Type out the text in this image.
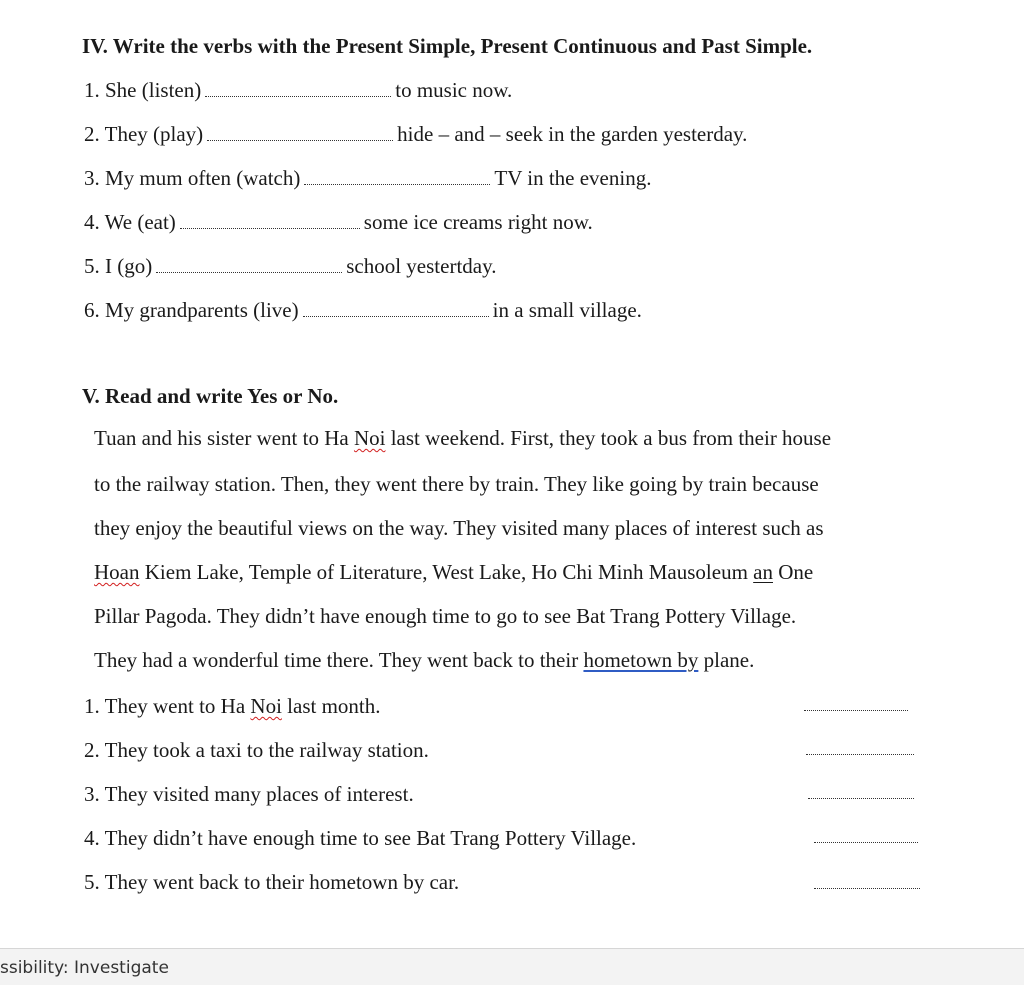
IV. Write the verbs with the Present Simple, Present Continuous and Past Simple.
1. She (listen)	to music now.
2. They (play)	hide – and – seek in the garden yesterday.
3. My mum often (watch)	TV in the evening.
4. We (eat)	some ice creams right now.
5. I (go)	school yestertday.
6. My grandparents (live)	in a small village.
V. Read and write Yes or No.
Tuan and his sister went to Ha Noi last weekend. First, they took a bus from their house
to the railway station. Then, they went there by train. They like going by train because
they enjoy the beautiful views on the way. They visited many places of interest such as
Hoan Kiem Lake, Temple of Literature, West Lake, Ho Chi Minh Mausoleum an One
Pillar Pagoda. They didn’t have enough time to go to see Bat Trang Pottery Village.
They had a wonderful time there. They went back to their hometown by plane.
1. They went to Ha Noi last month.
2. They took a taxi to the railway station.
3. They visited many places of interest.
4. They didn’t have enough time to see Bat Trang Pottery Village.
5. They went back to their hometown by car.
ssibility: Investigate
